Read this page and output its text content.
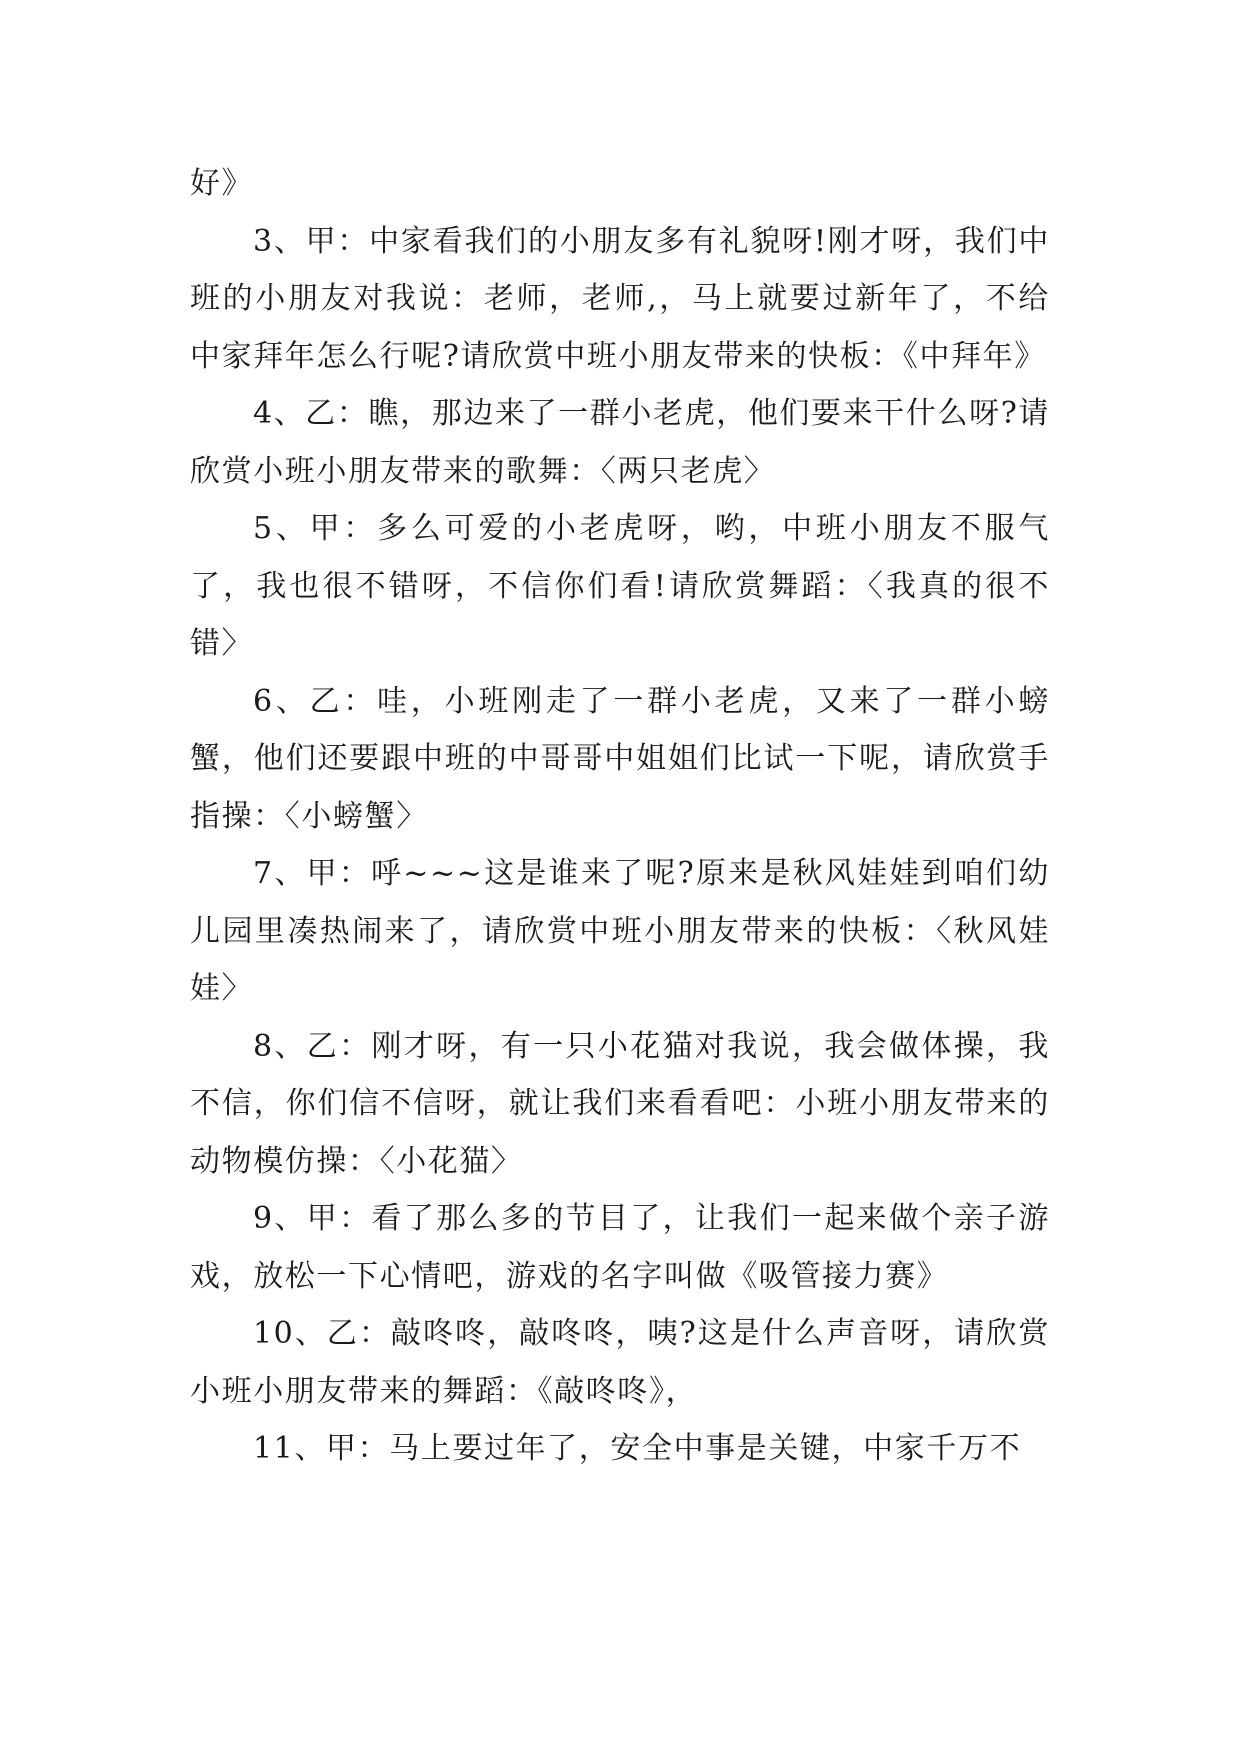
好》

3、甲：中家看我们的小朋友多有礼貌呀!刚才呀，我们中班的小朋友对我说：老师，老师,，马上就要过新年了，不给中家拜年怎么行呢?请欣赏中班小朋友带来的快板：《中拜年》

4、乙：瞧，那边来了一群小老虎，他们要来干什么呀?请欣赏小班小朋友带来的歌舞：〈两只老虎〉

5、甲：多么可爱的小老虎呀，哟，中班小朋友不服气了，我也很不错呀，不信你们看!请欣赏舞蹈：〈我真的很不错〉

6、乙：哇，小班刚走了一群小老虎，又来了一群小螃蟹，他们还要跟中班的中哥哥中姐姐们比试一下呢，请欣赏手指操：〈小螃蟹〉

7、甲：呼~~~这是谁来了呢?原来是秋风娃娃到咱们幼儿园里凑热闹来了，请欣赏中班小朋友带来的快板：〈秋风娃娃〉

8、乙：刚才呀，有一只小花猫对我说，我会做体操，我不信，你们信不信呀，就让我们来看看吧：小班小朋友带来的动物模仿操：〈小花猫〉

9、甲：看了那么多的节目了，让我们一起来做个亲子游戏，放松一下心情吧，游戏的名字叫做《吸管接力赛》

10、乙：敲咚咚，敲咚咚，咦?这是什么声音呀，请欣赏小班小朋友带来的舞蹈：《敲咚咚》，

11、甲：马上要过年了，安全中事是关键，中家千万不
